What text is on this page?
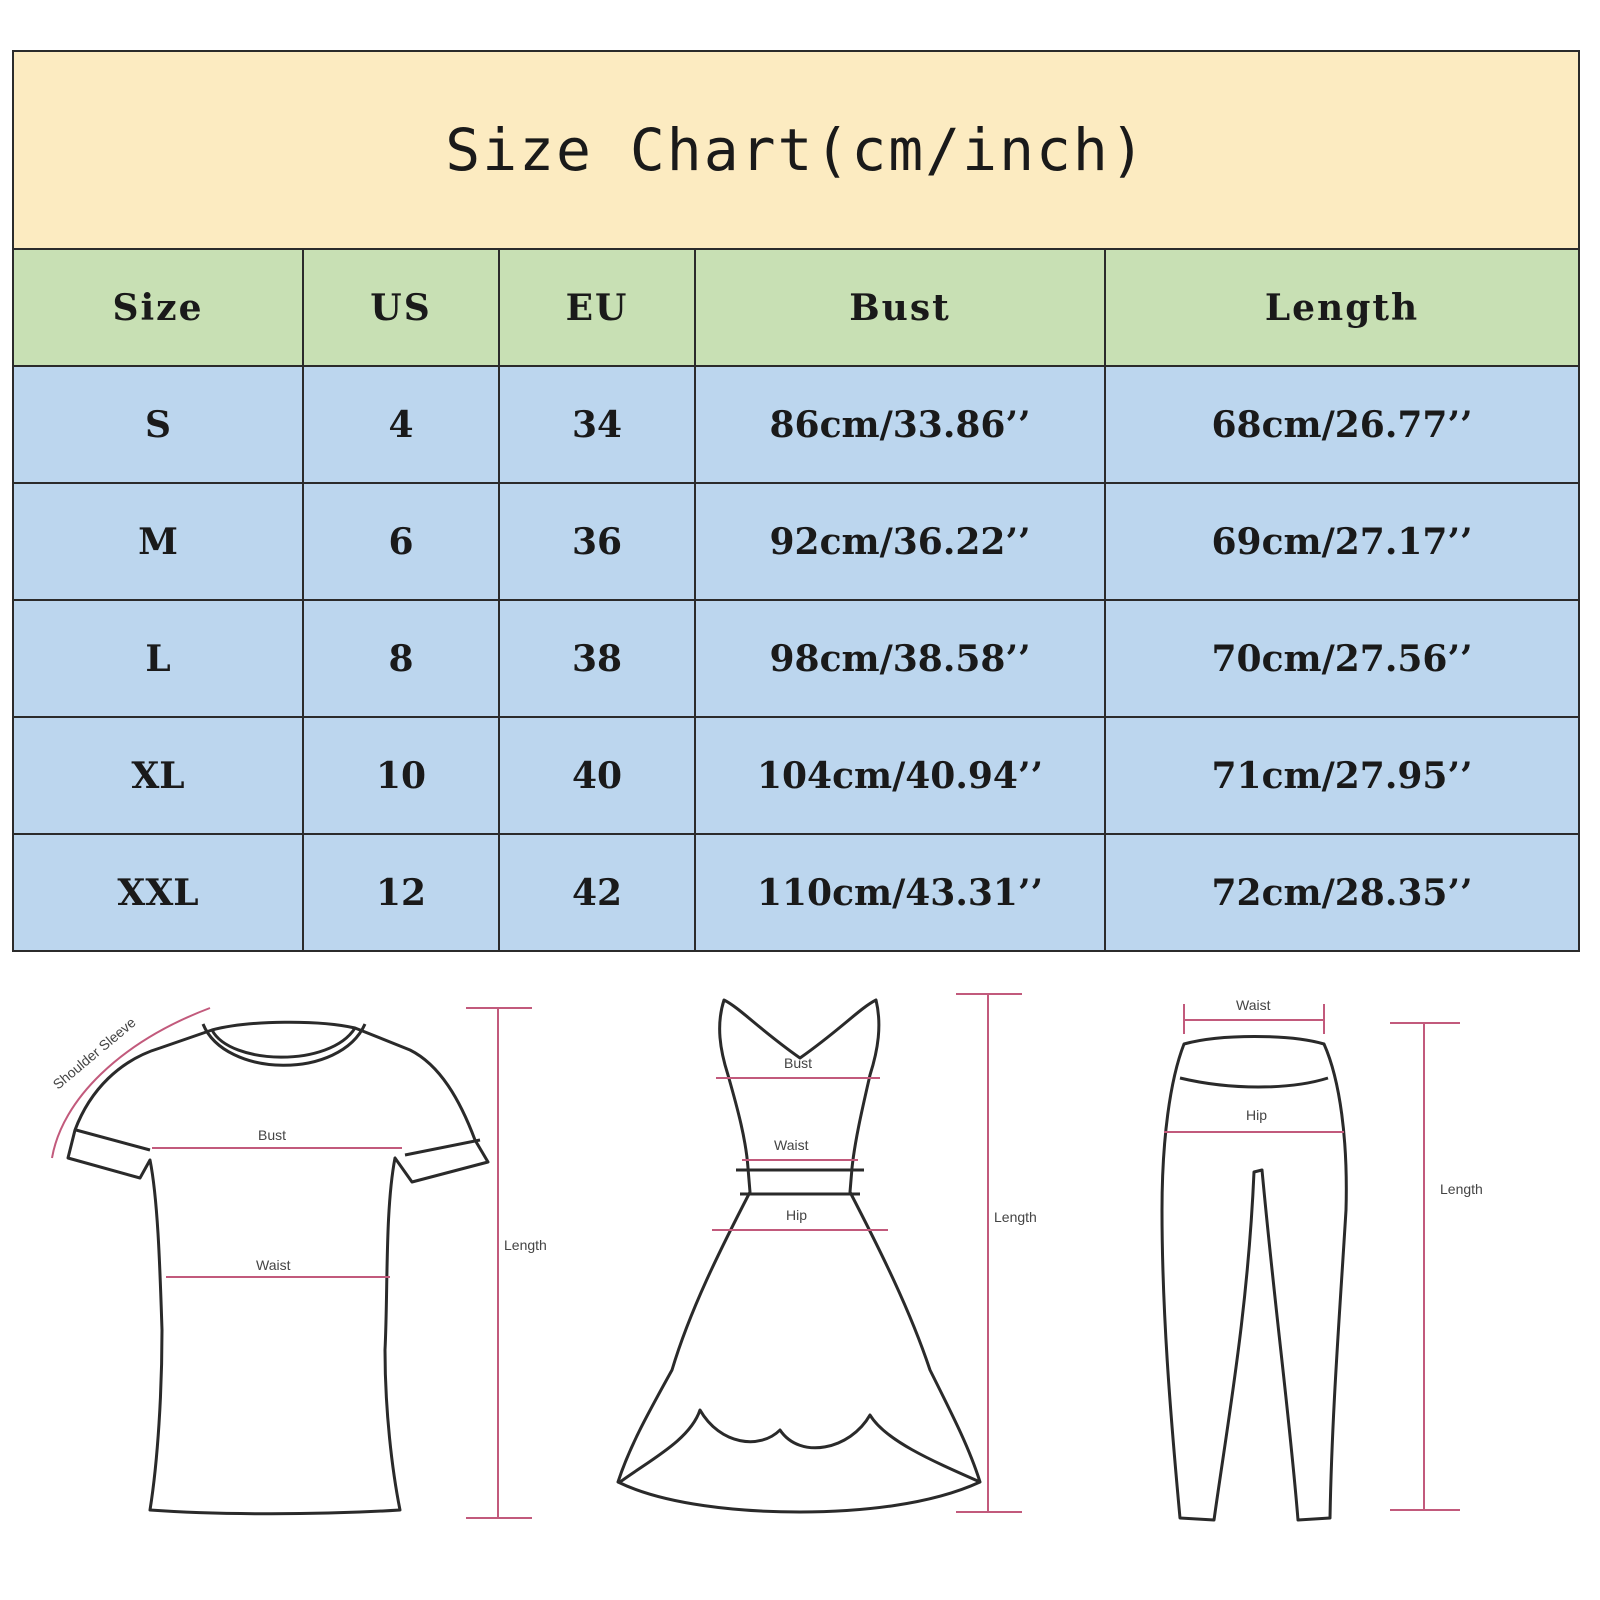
Size Chart(cm/inch)				
Size	US	EU	Bust	Length
S	4	34	86cm/33.86’’	68cm/26.77’’
M	6	36	92cm/36.22’’	69cm/27.17’’
L	8	38	98cm/38.58’’	70cm/27.56’’
XL	10	40	104cm/40.94’’	71cm/27.95’’
XXL	12	42	110cm/43.31’’	72cm/28.35’’
Shoulder Sleeve
Bust
Waist
Length
Bust
Waist
Hip	Length
Waist
Hip
Length
